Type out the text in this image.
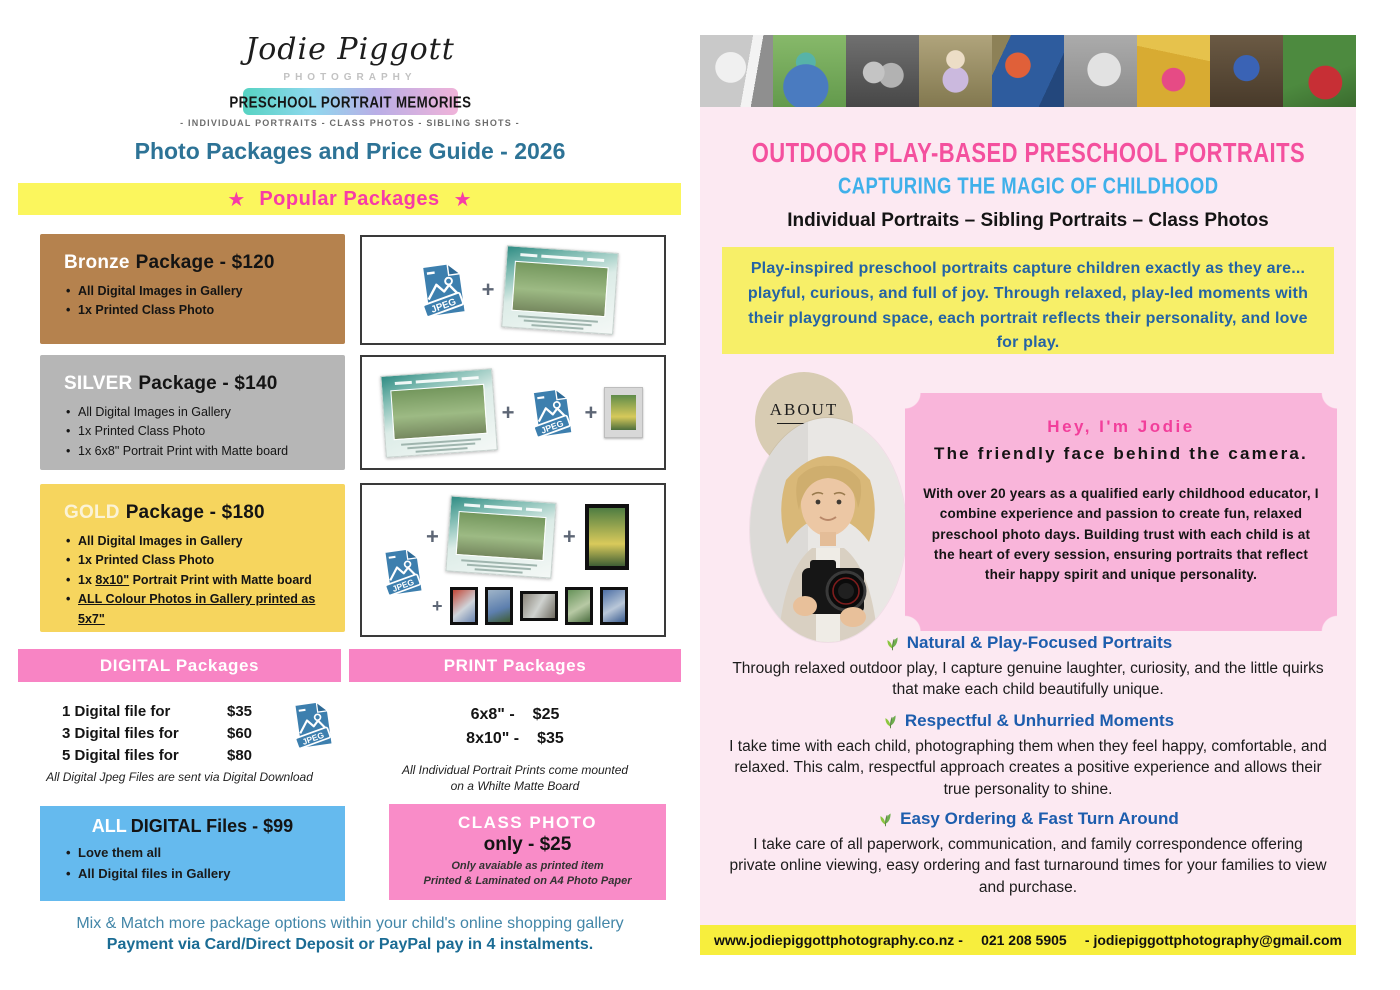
Jodie Piggott
PHOTOGRAPHY
PRESCHOOL PORTRAIT MEMORIES
- INDIVIDUAL PORTRAITS - CLASS PHOTOS - SIBLING SHOTS -
Photo Packages and Price Guide - 2026
★ Popular Packages ★
Bronze Package - $120
• All Digital Images in Gallery
• 1x Printed Class Photo
+
SILVER Package - $140
• All Digital Images in Gallery
• 1x Printed Class Photo
• 1x 6x8" Portrait Print with Matte board
+	+
GOLD Package - $180
• All Digital Images in Gallery
• 1x Printed Class Photo
• 1x 8x10" Portrait Print with Matte board
• ALL Colour Photos in Gallery printed as 5x7"
+	+
+
DIGITAL Packages	PRINT Packages
1 Digital file for	$35
3 Digital files for	$60
5 Digital files for	$80
All Digital Jpeg Files are sent via Digital Download
6x8" - $25
8x10" - $35
All Individual Portrait Prints come mounted
on a Whilte Matte Board
ALL DIGITAL Files - $99
• Love them all
• All Digital files in Gallery
CLASS PHOTO
only - $25
Only avaiable as printed item
Printed & Laminated on A4 Photo Paper
Mix & Match more package options within your child's online shopping gallery
Payment via Card/Direct Deposit or PayPal pay in 4 instalments.
OUTDOOR PLAY-BASED PRESCHOOL PORTRAITS
CAPTURING THE MAGIC OF CHILDHOOD
Individual Portraits – Sibling Portraits – Class Photos
Play-inspired preschool portraits capture children exactly as they are... playful, curious, and full of joy. Through relaxed, play-led moments with their playground space, each portrait reflects their personality, and love for play.
ABOUT
Hey, I'm Jodie
The friendly face behind the camera.
With over 20 years as a qualified early childhood educator, I combine experience and passion to create fun, relaxed preschool photo days. Building trust with each child is at the heart of every session, ensuring portraits that reflect their happy spirit and unique personality.
Natural & Play-Focused Portraits

Through relaxed outdoor play, I capture genuine laughter, curiosity, and the little quirks that make each child beautifully unique.

Respectful & Unhurried Moments

I take time with each child, photographing them when they feel happy, comfortable, and relaxed. This calm, respectful approach creates a positive experience and allows their true personality to shine.

Easy Ordering & Fast Turn Around

I take care of all paperwork, communication, and family correspondence offering private online viewing, easy ordering and fast turnaround times for your families to view and purchase.

www.jodiepiggottphotography.co.nz - 021 208 5905 - jodiepiggottphotography@gmail.com
